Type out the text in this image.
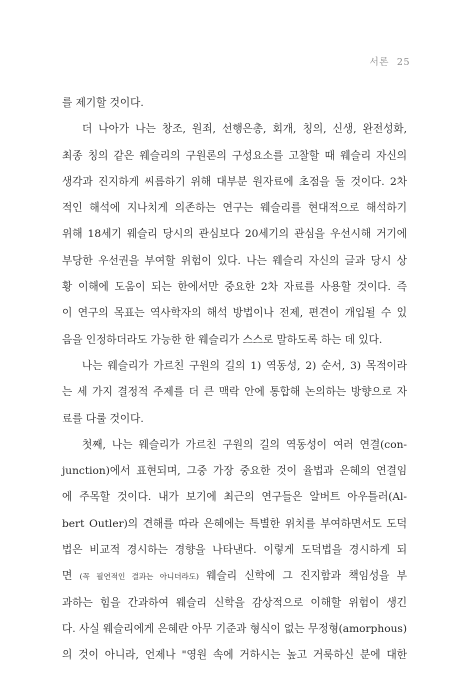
서론 25
를 제기할 것이다.
더 나아가 나는 창조, 원죄, 선행은총, 회개, 칭의, 신생, 완전성화,
최종 칭의 같은 웨슬리의 구원론의 구성요소를 고찰할 때 웨슬리 자신의
생각과 진지하게 씨름하기 위해 대부분 원자료에 초점을 둘 것이다. 2차
적인 해석에 지나치게 의존하는 연구는 웨슬리를 현대적으로 해석하기
위해 18세기 웨슬리 당시의 관심보다 20세기의 관심을 우선시해 거기에
부당한 우선권을 부여할 위험이 있다. 나는 웨슬리 자신의 글과 당시 상
황 이해에 도움이 되는 한에서만 중요한 2차 자료를 사용할 것이다. 즉
이 연구의 목표는 역사학자의 해석 방법이나 전제, 편견이 개입될 수 있
음을 인정하더라도 가능한 한 웨슬리가 스스로 말하도록 하는 데 있다.
나는 웨슬리가 가르친 구원의 길의 1) 역동성, 2) 순서, 3) 목적이라
는 세 가지 결정적 주제를 더 큰 맥락 안에 통합해 논의하는 방향으로 자
료를 다룰 것이다.
첫째, 나는 웨슬리가 가르친 구원의 길의 역동성이 여러 연결(con-
junction)에서 표현되며, 그중 가장 중요한 것이 율법과 은혜의 연결임
에 주목할 것이다. 내가 보기에 최근의 연구들은 알버트 아우틀러(Al-
bert Outler)의 견해를 따라 은혜에는 특별한 위치를 부여하면서도 도덕
법은 비교적 경시하는 경향을 나타낸다. 이렇게 도덕법을 경시하게 되
면 (꼭 필연적인 결과는 아니더라도) 웨슬리 신학에 그 진지함과 책임성을 부
과하는 힘을 간과하여 웨슬리 신학을 감상적으로 이해할 위험이 생긴
다. 사실 웨슬리에게 은혜란 아무 기준과 형식이 없는 무정형(amorphous)
의 것이 아니라, 언제나 "영원 속에 거하시는 높고 거룩하신 분에 대한
